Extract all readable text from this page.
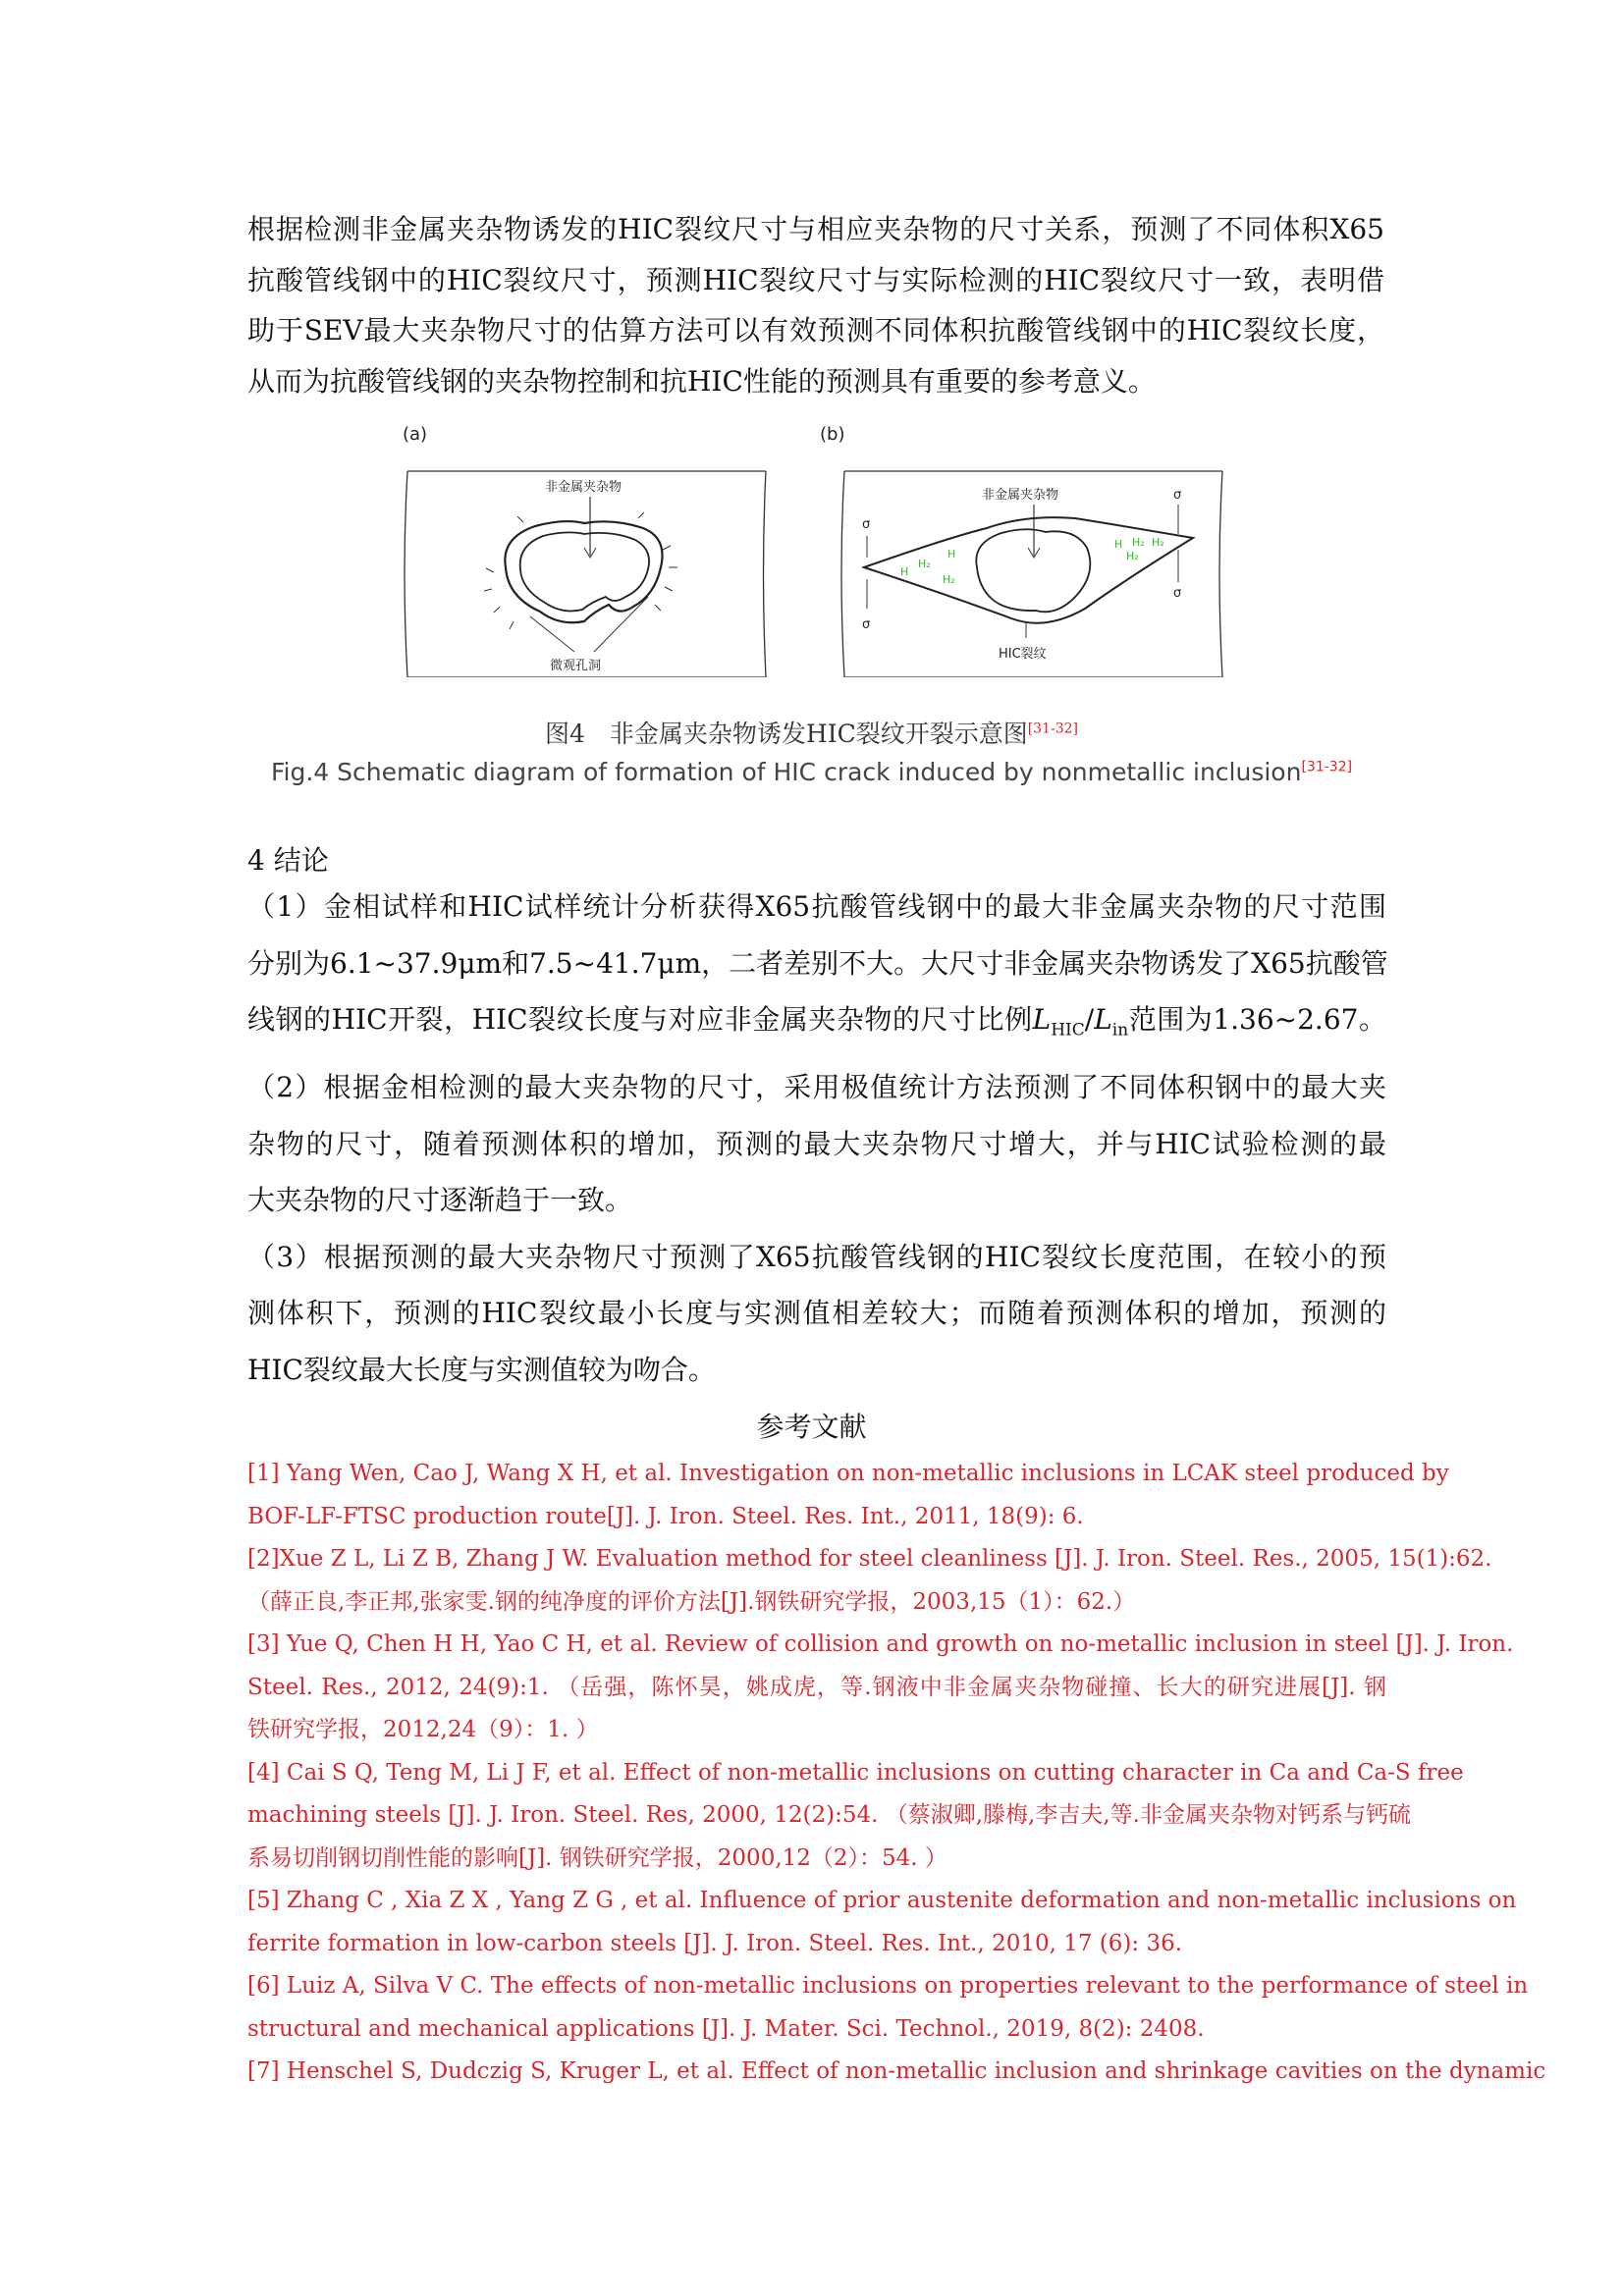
根据检测非金属夹杂物诱发的HIC裂纹尺寸与相应夹杂物的尺寸关系，预测了不同体积X65
抗酸管线钢中的HIC裂纹尺寸，预测HIC裂纹尺寸与实际检测的HIC裂纹尺寸一致，表明借
助于SEV最大夹杂物尺寸的估算方法可以有效预测不同体积抗酸管线钢中的HIC裂纹长度，
从而为抗酸管线钢的夹杂物控制和抗HIC性能的预测具有重要的参考意义。
(a)
非金属夹杂物
微观孔洞
(b)
非金属夹杂物
σ
σ
σ
σ
H
H₂
H₂
H
H H₂
H₂
H₂
HIC裂纹
图4　非金属夹杂物诱发HIC裂纹开裂示意图[31-32]
Fig.4 Schematic diagram of formation of HIC crack induced by nonmetallic inclusion[31-32]
4 结论
（1）金相试样和HIC试样统计分析获得X65抗酸管线钢中的最大非金属夹杂物的尺寸范围
分别为6.1~37.9μm和7.5~41.7μm，二者差别不大。大尺寸非金属夹杂物诱发了X65抗酸管
线钢的HIC开裂，HIC裂纹长度与对应非金属夹杂物的尺寸比例$L_{HIC}/L_{in}$范围为1.36~2.67。
（2）根据金相检测的最大夹杂物的尺寸，采用极值统计方法预测了不同体积钢中的最大夹
杂物的尺寸，随着预测体积的增加，预测的最大夹杂物尺寸增大，并与HIC试验检测的最
大夹杂物的尺寸逐渐趋于一致。
（3）根据预测的最大夹杂物尺寸预测了X65抗酸管线钢的HIC裂纹长度范围，在较小的预
测体积下，预测的HIC裂纹最小长度与实测值相差较大；而随着预测体积的增加，预测的
HIC裂纹最大长度与实测值较为吻合。
参考文献
[1] Yang Wen, Cao J, Wang X H, et al. Investigation on non-metallic inclusions in LCAK steel produced by
BOF-LF-FTSC production route[J]. J. Iron. Steel. Res. Int., 2011, 18(9): 6.
[2]Xue Z L, Li Z B, Zhang J W. Evaluation method for steel cleanliness [J]. J. Iron. Steel. Res., 2005, 15(1):62.
（薛正良,李正邦,张家雯.钢的纯净度的评价方法[J].钢铁研究学报，2003,15（1）：62.）
[3] Yue Q, Chen H H, Yao C H, et al. Review of collision and growth on no-metallic inclusion in steel [J]. J. Iron.
Steel. Res., 2012, 24(9):1. （岳强，陈怀昊，姚成虎，等.钢液中非金属夹杂物碰撞、长大的研究进展[J]. 钢
铁研究学报，2012,24（9）：1. ）
[4] Cai S Q, Teng M, Li J F, et al. Effect of non-metallic inclusions on cutting character in Ca and Ca-S free
machining steels [J]. J. Iron. Steel. Res, 2000, 12(2):54. （蔡淑卿,滕梅,李吉夫,等.非金属夹杂物对钙系与钙硫
系易切削钢切削性能的影响[J]. 钢铁研究学报，2000,12（2）：54. ）
[5] Zhang C , Xia Z X , Yang Z G , et al. Influence of prior austenite deformation and non-metallic inclusions on
ferrite formation in low-carbon steels [J]. J. Iron. Steel. Res. Int., 2010, 17 (6): 36.
[6] Luiz A, Silva V C. The effects of non-metallic inclusions on properties relevant to the performance of steel in
structural and mechanical applications [J]. J. Mater. Sci. Technol., 2019, 8(2): 2408.
[7] Henschel S, Dudczig S, Kruger L, et al. Effect of non-metallic inclusion and shrinkage cavities on the dynamic
